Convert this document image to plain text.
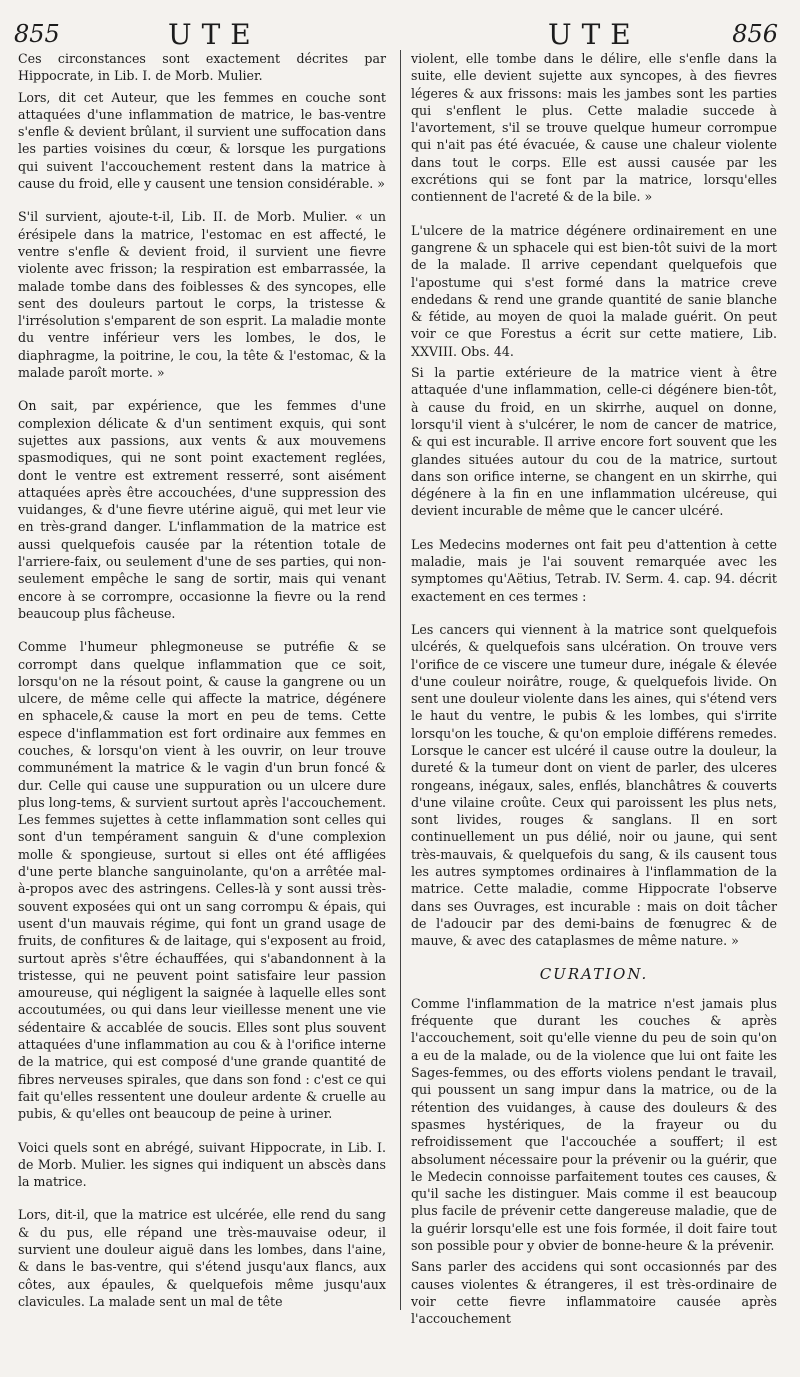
855	UTE	UTE	856

Ces circonstances sont exactement décrites par Hippocrate, in Lib. I. de Morb. Mulier.

Lors, dit cet Auteur, que les femmes en couche sont attaquées d'une inflammation de matrice, le bas-ventre s'enfle & devient brûlant, il survient une suffocation dans les parties voisines du cœur, & lorsque les purgations qui suivent l'accouchement restent dans la matrice à cause du froid, elle y causent une tension considérable. »

S'il survient, ajoute-t-il, Lib. II. de Morb. Mulier. « un érésipele dans la matrice, l'estomac en est affecté, le ventre s'enfle & devient froid, il survient une fievre violente avec frisson; la respiration est embarrassée, la malade tombe dans des foiblesses & des syncopes, elle sent des douleurs partout le corps, la tristesse & l'irrésolution s'emparent de son esprit. La maladie monte du ventre inférieur vers les lombes, le dos, le diaphragme, la poitrine, le cou, la tête & l'estomac, & la malade paroît morte. »

On sait, par expérience, que les femmes d'une complexion délicate & d'un sentiment exquis, qui sont sujettes aux passions, aux vents & aux mouvemens spasmodiques, qui ne sont point exactement reglées, dont le ventre est extrement resserré, sont aisément attaquées après être accouchées, d'une suppression des vuidanges, & d'une fievre utérine aiguë, qui met leur vie en très-grand danger. L'inflammation de la matrice est aussi quelquefois causée par la rétention totale de l'arriere-faix, ou seulement d'une de ses parties, qui non-seulement empêche le sang de sortir, mais qui venant encore à se corrompre, occasionne la fievre ou la rend beaucoup plus fâcheuse.

Comme l'humeur phlegmoneuse se putréfie & se corrompt dans quelque inflammation que ce soit, lorsqu'on ne la résout point, & cause la gangrene ou un ulcere, de même celle qui affecte la matrice, dégénere en sphacele,& cause la mort en peu de tems. Cette espece d'inflammation est fort ordinaire aux femmes en couches, & lorsqu'on vient à les ouvrir, on leur trouve communément la matrice & le vagin d'un brun foncé & dur. Celle qui cause une suppuration ou un ulcere dure plus long-tems, & survient surtout après l'accouchement. Les femmes sujettes à cette inflammation sont celles qui sont d'un tempérament sanguin & d'une complexion molle & spongieuse, surtout si elles ont été affligées d'une perte blanche sanguinolante, qu'on a arrêtée mal-à-propos avec des astringens. Celles-là y sont aussi très-souvent exposées qui ont un sang corrompu & épais, qui usent d'un mauvais régime, qui font un grand usage de fruits, de confitures & de laitage, qui s'exposent au froid, surtout après s'être échauffées, qui s'abandonnent à la tristesse, qui ne peuvent point satisfaire leur passion amoureuse, qui négligent la saignée à laquelle elles sont accoutumées, ou qui dans leur vieillesse menent une vie sédentaire & accablée de soucis. Elles sont plus souvent attaquées d'une inflammation au cou & à l'orifice interne de la matrice, qui est composé d'une grande quantité de fibres nerveuses spirales, que dans son fond : c'est ce qui fait qu'elles ressentent une douleur ardente & cruelle au pubis, & qu'elles ont beaucoup de peine à uriner.

Voici quels sont en abrégé, suivant Hippocrate, in Lib. I. de Morb. Mulier. les signes qui indiquent un abscès dans la matrice.

Lors, dit-il, que la matrice est ulcérée, elle rend du sang & du pus, elle répand une très-mauvaise odeur, il survient une douleur aiguë dans les lombes, dans l'aine, & dans le bas-ventre, qui s'étend jusqu'aux flancs, aux côtes, aux épaules, & quelquefois même jusqu'aux clavicules. La malade sent un mal de tête

violent, elle tombe dans le délire, elle s'enfle dans la suite, elle devient sujette aux syncopes, à des fievres légeres & aux frissons: mais les jambes sont les parties qui s'enflent le plus. Cette maladie succede à l'avortement, s'il se trouve quelque humeur corrompue qui n'ait pas été évacuée, & cause une chaleur violente dans tout le corps. Elle est aussi causée par les excrétions qui se font par la matrice, lorsqu'elles contiennent de l'acreté & de la bile. »

L'ulcere de la matrice dégénere ordinairement en une gangrene & un sphacele qui est bien-tôt suivi de la mort de la malade. Il arrive cependant quelquefois que l'apostume qui s'est formé dans la matrice creve endedans & rend une grande quantité de sanie blanche & fétide, au moyen de quoi la malade guérit. On peut voir ce que Forestus a écrit sur cette matiere, Lib. XXVIII. Obs. 44.

Si la partie extérieure de la matrice vient à être attaquée d'une inflammation, celle-ci dégénere bien-tôt, à cause du froid, en un skirrhe, auquel on donne, lorsqu'il vient à s'ulcérer, le nom de cancer de matrice, & qui est incurable. Il arrive encore fort souvent que les glandes situées autour du cou de la matrice, surtout dans son orifice interne, se changent en un skirrhe, qui dégénere à la fin en une inflammation ulcéreuse, qui devient incurable de même que le cancer ulcéré.

Les Medecins modernes ont fait peu d'attention à cette maladie, mais je l'ai souvent remarquée avec les symptomes qu'Aëtius, Tetrab. IV. Serm. 4. cap. 94. décrit exactement en ces termes :

Les cancers qui viennent à la matrice sont quelquefois ulcérés, & quelquefois sans ulcération. On trouve vers l'orifice de ce viscere une tumeur dure, inégale & élevée d'une couleur noirâtre, rouge, & quelquefois livide. On sent une douleur violente dans les aines, qui s'étend vers le haut du ventre, le pubis & les lombes, qui s'irrite lorsqu'on les touche, & qu'on emploie différens remedes. Lorsque le cancer est ulcéré il cause outre la douleur, la dureté & la tumeur dont on vient de parler, des ulceres rongeans, inégaux, sales, enflés, blanchâtres & couverts d'une vilaine croûte. Ceux qui paroissent les plus nets, sont livides, rouges & sanglans. Il en sort continuellement un pus délié, noir ou jaune, qui sent très-mauvais, & quelquefois du sang, & ils causent tous les autres symptomes ordinaires à l'inflammation de la matrice. Cette maladie, comme Hippocrate l'observe dans ses Ouvrages, est incurable : mais on doit tâcher de l'adoucir par des demi-bains de fœnugrec & de mauve, & avec des cataplasmes de même nature. »

CURATION.

Comme l'inflammation de la matrice n'est jamais plus fréquente que durant les couches & après l'accouchement, soit qu'elle vienne du peu de soin qu'on a eu de la malade, ou de la violence que lui ont faite les Sages-femmes, ou des efforts violens pendant le travail, qui poussent un sang impur dans la matrice, ou de la rétention des vuidanges, à cause des douleurs & des spasmes hystériques, de la frayeur ou du refroidissement que l'accouchée a souffert; il est absolument nécessaire pour la prévenir ou la guérir, que le Medecin connoisse parfaitement toutes ces causes, & qu'il sache les distinguer. Mais comme il est beaucoup plus facile de prévenir cette dangereuse maladie, que de la guérir lorsqu'elle est une fois formée, il doit faire tout son possible pour y obvier de bonne-heure & la prévenir.

Sans parler des accidens qui sont occasionnés par des causes violentes & étrangeres, il est très-ordinaire de voir cette fievre inflammatoire causée après l'accouchement
